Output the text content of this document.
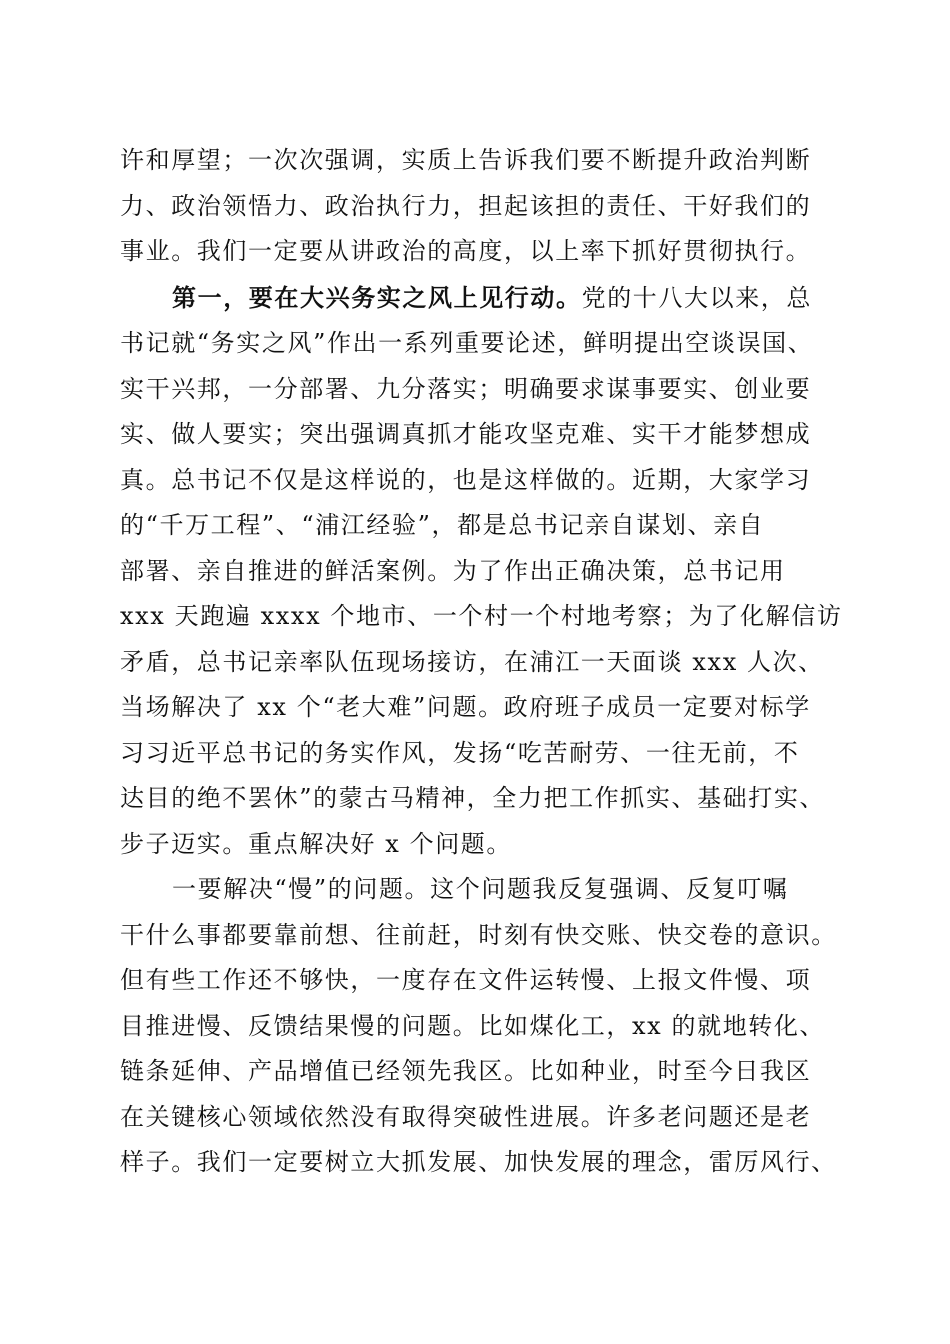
许和厚望；一次次强调，实质上告诉我们要不断提升政治判断
力、政治领悟力、政治执行力，担起该担的责任、干好我们的
事业。我们一定要从讲政治的高度，以上率下抓好贯彻执行。
第一，要在大兴务实之风上见行动。党的十八大以来，总
书记就“务实之风”作出一系列重要论述，鲜明提出空谈误国、
实干兴邦，一分部署、九分落实；明确要求谋事要实、创业要
实、做人要实；突出强调真抓才能攻坚克难、实干才能梦想成
真。总书记不仅是这样说的，也是这样做的。近期，大家学习
的“千万工程”、“浦江经验”，都是总书记亲自谋划、亲自
部署、亲自推进的鲜活案例。为了作出正确决策，总书记用
xxx 天跑遍 xxxx 个地市、一个村一个村地考察；为了化解信访
矛盾，总书记亲率队伍现场接访，在浦江一天面谈 xxx 人次、
当场解决了 xx 个“老大难”问题。政府班子成员一定要对标学
习习近平总书记的务实作风，发扬“吃苦耐劳、一往无前，不
达目的绝不罢休”的蒙古马精神，全力把工作抓实、基础打实、
步子迈实。重点解决好 x 个问题。
一要解决“慢”的问题。这个问题我反复强调、反复叮嘱
干什么事都要靠前想、往前赶，时刻有快交账、快交卷的意识。
但有些工作还不够快，一度存在文件运转慢、上报文件慢、项
目推进慢、反馈结果慢的问题。比如煤化工，xx 的就地转化、
链条延伸、产品增值已经领先我区。比如种业，时至今日我区
在关键核心领域依然没有取得突破性进展。许多老问题还是老
样子。我们一定要树立大抓发展、加快发展的理念，雷厉风行、
